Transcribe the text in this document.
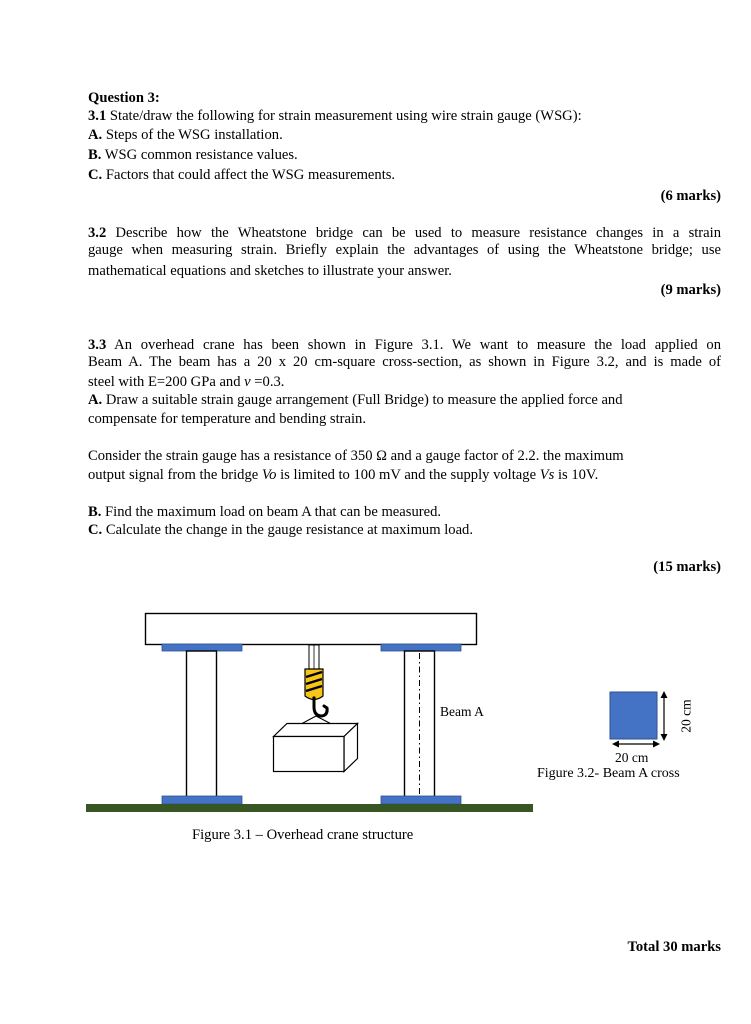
Question 3:
3.1 State/draw the following for strain measurement using wire strain gauge (WSG):
A. Steps of the WSG installation.
B. WSG common resistance values.
C. Factors that could affect the WSG measurements.
(6 marks)
3.2 Describe how the Wheatstone bridge can be used to measure resistance changes in a strain
gauge when measuring strain. Briefly explain the advantages of using the Wheatstone bridge; use
mathematical equations and sketches to illustrate your answer.
(9 marks)
3.3 An overhead crane has been shown in Figure 3.1. We want to measure the load applied on
Beam A. The beam has a 20 x 20 cm-square cross-section, as shown in Figure 3.2, and is made of
steel with E=200 GPa and v =0.3.
A. Draw a suitable strain gauge arrangement (Full Bridge) to measure the applied force and
compensate for temperature and bending strain.
Consider the strain gauge has a resistance of 350 Ω and a gauge factor of 2.2. the maximum
output signal from the bridge Vo is limited to 100 mV and the supply voltage Vs is 10V.
B. Find the maximum load on beam A that can be measured.
C. Calculate the change in the gauge resistance at maximum load.
(15 marks)
Beam A
Figure 3.1 – Overhead crane structure
20 cm
20 cm
Figure 3.2- Beam A cross
Total 30 marks
